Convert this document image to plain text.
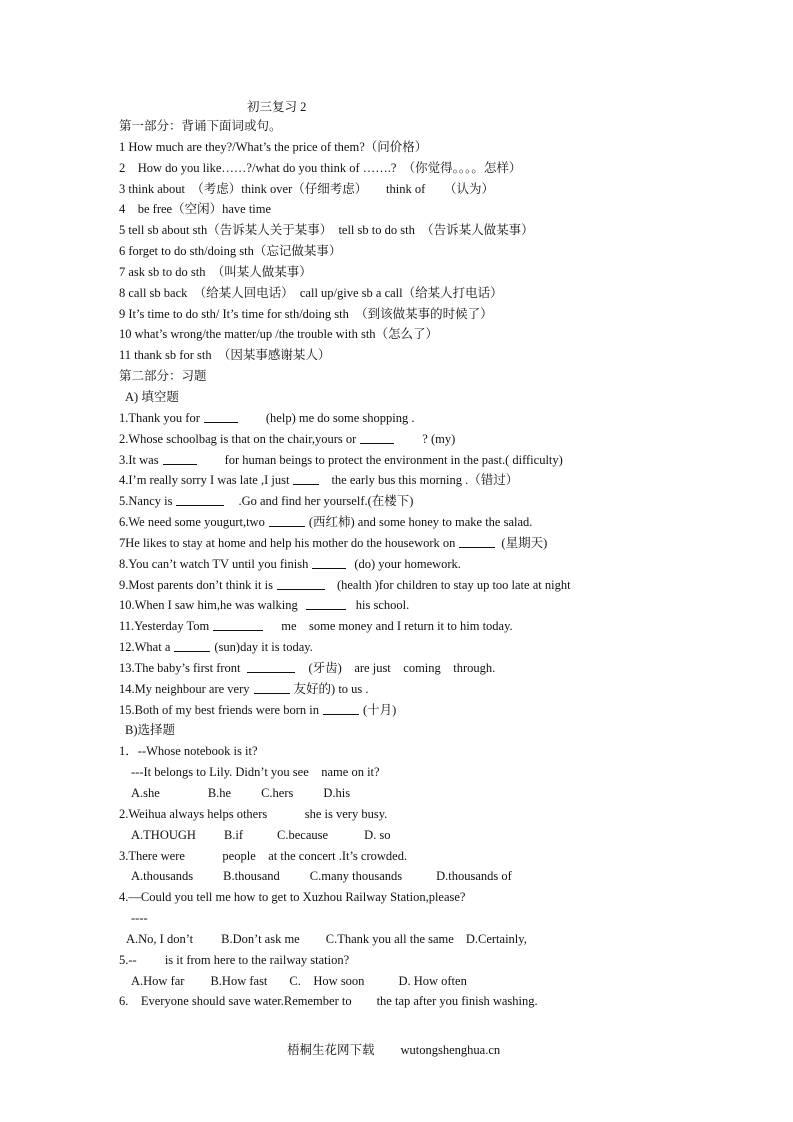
初三复习 2
第一部分：背诵下面词或句。
1 How much are they?/What’s the price of them?（问价格）
2　How do you like……?/what do you think of …….?　（你觉得。。。。怎样）
3 think about　（考虑）think over（仔细考虑）　　think of　　（认为）
4　be free（空闲）have time
5 tell sb about sth（告诉某人关于某事）　tell sb to do sth　（告诉某人做某事）
6 forget to do sth/doing sth（忘记做某事）
7 ask sb to do sth　（叫某人做某事）
8 call sb back　（给某人回电话）　call up/give sb a call（给某人打电话）
9 It’s time to do sth/ It’s time for sth/doing sth　（到该做某事的时候了）
10 what’s wrong/the matter/up /the trouble with sth（怎么了）
11 thank sb for sth　（因某事感谢某人）
第二部分：习题
A) 填空题
1.Thank you for	(help) me do some shopping .
2.Whose schoolbag is that on the chair,yours or	? (my)
3.It was	for human beings to protect the environment in the past.( difficulty)
4.I’m really sorry I was late ,I just	the early bus this morning .（错过）
5.Nancy is	.Go and find her yourself.(在楼下)
6.We need some yougurt,two	(西红柿) and some honey to make the salad.
7He likes to stay at home and help his mother do the housework on	(星期天)
8.You can’t watch TV until you finish	(do) your homework.
9.Most parents don’t think it is	(health )for children to stay up too late at night
10.When I saw him,he was walking	his school.
11.Yesterday Tom	me　some money and I return it to him today.
12.What a	(sun)day it is today.
13.The baby’s first front	(牙齿)　are just　coming　through.
14.My neighbour are very	友好的) to us .
15.Both of my best friends were born in	(十月)
B)选择题
1．--Whose notebook is it?
---It belongs to Lily. Didn’t you see　name on it?
A.she	B.he C.hers D.his
2.Weihua always helps others　　　she is very busy.
A.THOUGH B.if	C.because	D. so
3.There were　　　people　at the concert .It’s crowded.
A.thousands B.thousand C.many thousands	D.thousands of
4.—Could you tell me how to get to Xuzhou Railway Station,please?
----
A.No, I don’t B.Don’t ask me C.Thank you all the same D.Certainly,
5.--　　 is it from here to the railway station?
A.How far B.How fast C.　How soon	D. How often
6.　Everyone should save water.Remember to　　the tap after you finish washing.
梧桐生花网下载 wutongshenghua.cn
